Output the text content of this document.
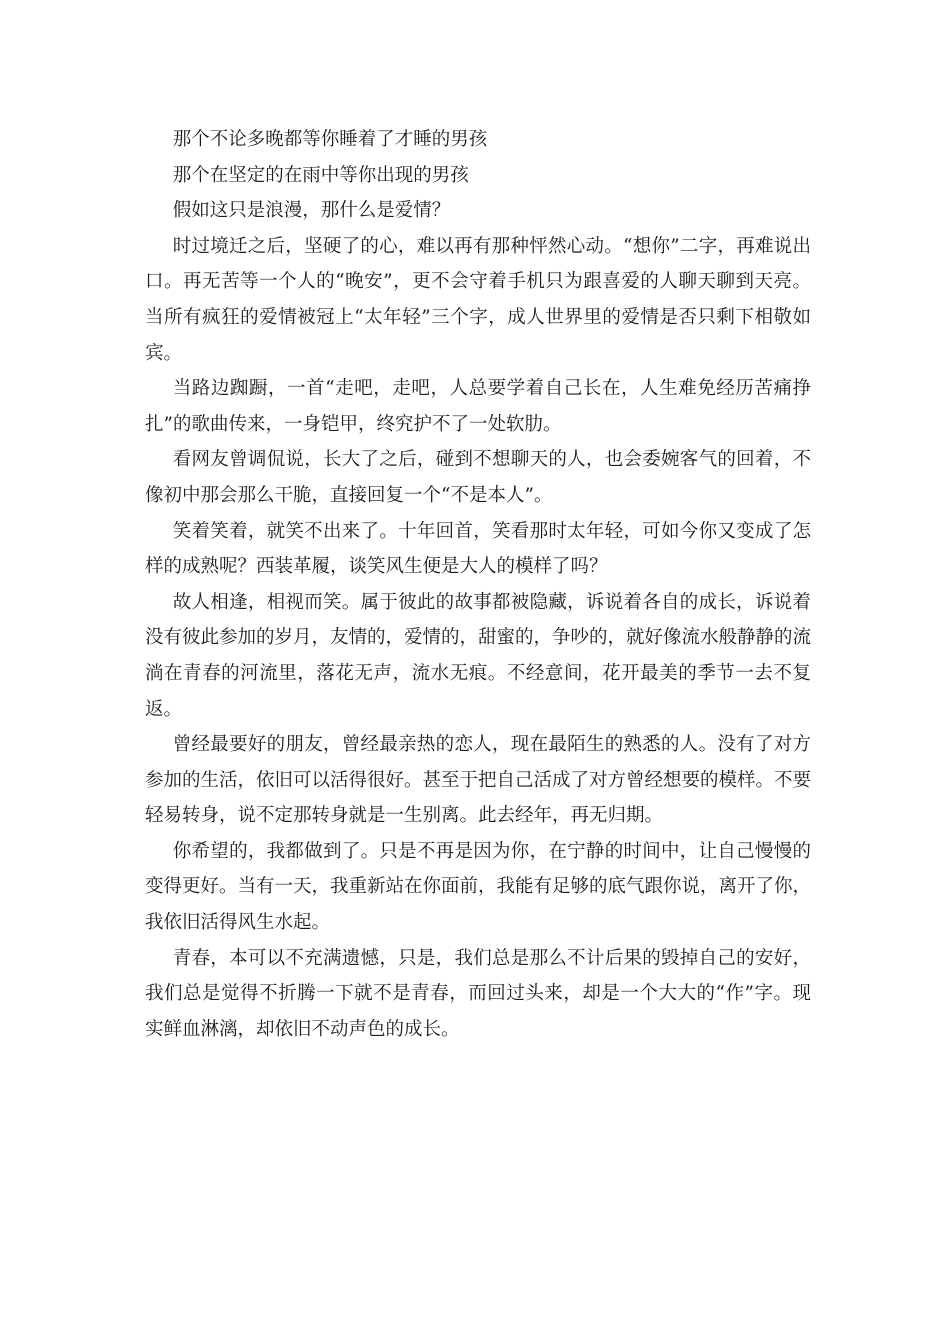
那个不论多晚都等你睡着了才睡的男孩

那个在坚定的在雨中等你出现的男孩

假如这只是浪漫，那什么是爱情？

时过境迁之后，坚硬了的心，难以再有那种怦然心动。“想你”二字，再难说出口。再无苦等一个人的“晚安”，更不会守着手机只为跟喜爱的人聊天聊到天亮。当所有疯狂的爱情被冠上“太年轻”三个字，成人世界里的爱情是否只剩下相敬如宾。

当路边踟蹰，一首“走吧，走吧，人总要学着自己长在，人生难免经历苦痛挣扎”的歌曲传来，一身铠甲，终究护不了一处软肋。

看网友曾调侃说，长大了之后，碰到不想聊天的人，也会委婉客气的回着，不像初中那会那么干脆，直接回复一个“不是本人”。

笑着笑着，就笑不出来了。十年回首，笑看那时太年轻，可如今你又变成了怎样的成熟呢？西装革履，谈笑风生便是大人的模样了吗？

故人相逢，相视而笑。属于彼此的故事都被隐藏，诉说着各自的成长，诉说着没有彼此参加的岁月，友情的，爱情的，甜蜜的，争吵的，就好像流水般静静的流淌在青春的河流里，落花无声，流水无痕。不经意间，花开最美的季节一去不复返。

曾经最要好的朋友，曾经最亲热的恋人，现在最陌生的熟悉的人。没有了对方参加的生活，依旧可以活得很好。甚至于把自己活成了对方曾经想要的模样。不要轻易转身，说不定那转身就是一生别离。此去经年，再无归期。

你希望的，我都做到了。只是不再是因为你，在宁静的时间中，让自己慢慢的变得更好。当有一天，我重新站在你面前，我能有足够的底气跟你说，离开了你，我依旧活得风生水起。

青春，本可以不充满遗憾，只是，我们总是那么不计后果的毁掉自己的安好，我们总是觉得不折腾一下就不是青春，而回过头来，却是一个大大的“作”字。现实鲜血淋漓，却依旧不动声色的成长。
